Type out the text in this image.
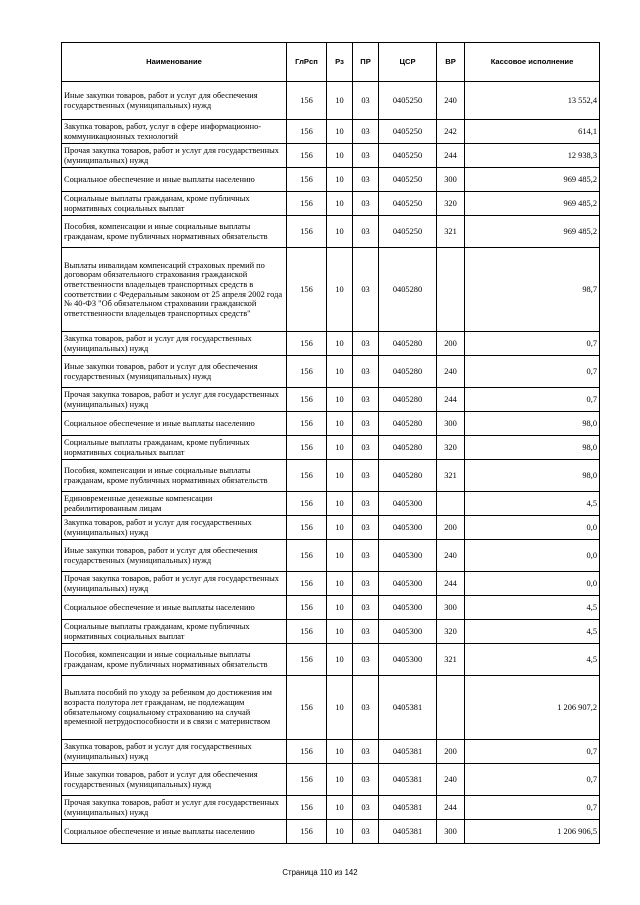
Наименование	ГлРсп	Рз	ПР	ЦСР	ВР	Кассовое исполнение
Иные закупки товаров, работ и услуг для обеспечения государственных (муниципальных) нужд	156	10	03	0405250	240	13 552,4
Закупка товаров, работ, услуг в сфере информационно-коммуникационных технологий	156	10	03	0405250	242	614,1
Прочая закупка товаров, работ и услуг для государственных (муниципальных) нужд	156	10	03	0405250	244	12 938,3
Социальное обеспечение и иные выплаты населению	156	10	03	0405250	300	969 485,2
Социальные выплаты гражданам, кроме публичных нормативных социальных выплат	156	10	03	0405250	320	969 485,2
Пособия, компенсации и иные социальные выплаты гражданам, кроме публичных нормативных обязательств	156	10	03	0405250	321	969 485,2
Выплаты инвалидам компенсаций страховых премий по договорам обязательного страхования гражданской ответственности владельцев транспортных средств в соответствии с Федеральным законом от 25 апреля 2002 года № 40-ФЗ "Об обязательном страховании гражданской ответственности владельцев транспортных средств"	156	10	03	0405280		98,7
Закупка товаров, работ и услуг для государственных (муниципальных) нужд	156	10	03	0405280	200	0,7
Иные закупки товаров, работ и услуг для обеспечения государственных (муниципальных) нужд	156	10	03	0405280	240	0,7
Прочая закупка товаров, работ и услуг для государственных (муниципальных) нужд	156	10	03	0405280	244	0,7
Социальное обеспечение и иные выплаты населению	156	10	03	0405280	300	98,0
Социальные выплаты гражданам, кроме публичных нормативных социальных выплат	156	10	03	0405280	320	98,0
Пособия, компенсации и иные социальные выплаты гражданам, кроме публичных нормативных обязательств	156	10	03	0405280	321	98,0
Единовременные денежные компенсации реабилитированным лицам	156	10	03	0405300		4,5
Закупка товаров, работ и услуг для государственных (муниципальных) нужд	156	10	03	0405300	200	0,0
Иные закупки товаров, работ и услуг для обеспечения государственных (муниципальных) нужд	156	10	03	0405300	240	0,0
Прочая закупка товаров, работ и услуг для государственных (муниципальных) нужд	156	10	03	0405300	244	0,0
Социальное обеспечение и иные выплаты населению	156	10	03	0405300	300	4,5
Социальные выплаты гражданам, кроме публичных нормативных социальных выплат	156	10	03	0405300	320	4,5
Пособия, компенсации и иные социальные выплаты гражданам, кроме публичных нормативных обязательств	156	10	03	0405300	321	4,5
Выплата пособий по уходу за ребенком до достижения им возраста полутора лет гражданам, не подлежащим обязательному социальному страхованию на случай временной нетрудоспособности и в связи с материнством	156	10	03	0405381		1 206 907,2
Закупка товаров, работ и услуг для государственных (муниципальных) нужд	156	10	03	0405381	200	0,7
Иные закупки товаров, работ и услуг для обеспечения государственных (муниципальных) нужд	156	10	03	0405381	240	0,7
Прочая закупка товаров, работ и услуг для государственных (муниципальных) нужд	156	10	03	0405381	244	0,7
Социальное обеспечение и иные выплаты населению	156	10	03	0405381	300	1 206 906,5
Страница 110 из 142
